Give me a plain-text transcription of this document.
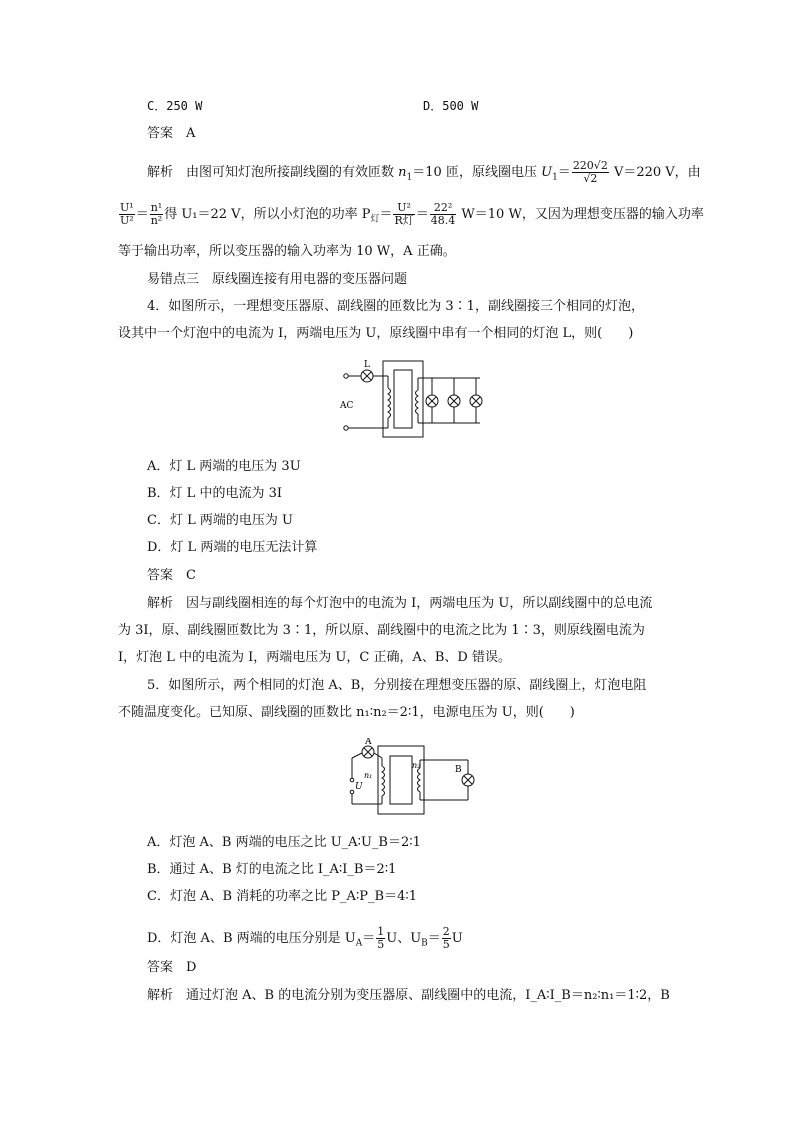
C．250 W	D．500 W
答案　 A
解析　 由图可知灯泡所接副线圈的有效匝数 $n_1=10$ 匝，原线圈电压 $U_1= \frac{220√2}{√2} V=220$ V，由
$\frac{\text{U¹}}{\text{U²}} = \frac{\text{n¹}}{\text{n²}}$ 得 U₁＝22 V，所以小灯泡的功率 $P_灯= \frac{\text{U²}}{\text{R灯}} = \frac{\text{22²}}{48.4} W=10$ W，又因为理想变压器的输入功率
等于输出功率，所以变压器的输入功率为 10 W，A 正确。
易错点三　原线圈连接有用电器的变压器问题
4．如图所示，一理想变压器原、副线圈的匝数比为 3∶1，副线圈接三个相同的灯泡，
设其中一个灯泡中的电流为 I，两端电压为 U，原线圈中串有一个相同的灯泡 L，则(　　)
AC
L
A．灯 L 两端的电压为 3U
B．灯 L 中的电流为 3I
C．灯 L 两端的电压为 U
D．灯 L 两端的电压无法计算
答案　 C
解析　 因与副线圈相连的每个灯泡中的电流为 I，两端电压为 U，所以副线圈中的总电流
为 3I，原、副线圈匝数比为 3∶1，所以原、副线圈中的电流之比为 1∶3，则原线圈电流为
I，灯泡 L 中的电流为 I，两端电压为 U，C 正确，A、B、D 错误。
5．如图所示，两个相同的灯泡 A、B，分别接在理想变压器的原、副线圈上，灯泡电阻
不随温度变化。已知原、副线圈的匝数比 n₁∶n₂＝2∶1，电源电压为 U，则(　　)
A
U
n₁
n₂	B
A．灯泡 A、B 两端的电压之比 U_A∶U_B＝2∶1
B．通过 A、B 灯的电流之比 I_A∶I_B＝2∶1
C．灯泡 A、B 消耗的功率之比 P_A∶P_B＝4∶1
D．灯泡 A、B 两端的电压分别是 $U_A= \frac{1}{5}$ U、$U_B= \frac{2}{5}$ U
答案　 D
解析　 通过灯泡 A、B 的电流分别为变压器原、副线圈中的电流，I_A∶I_B＝n₂∶n₁＝1∶2，B
